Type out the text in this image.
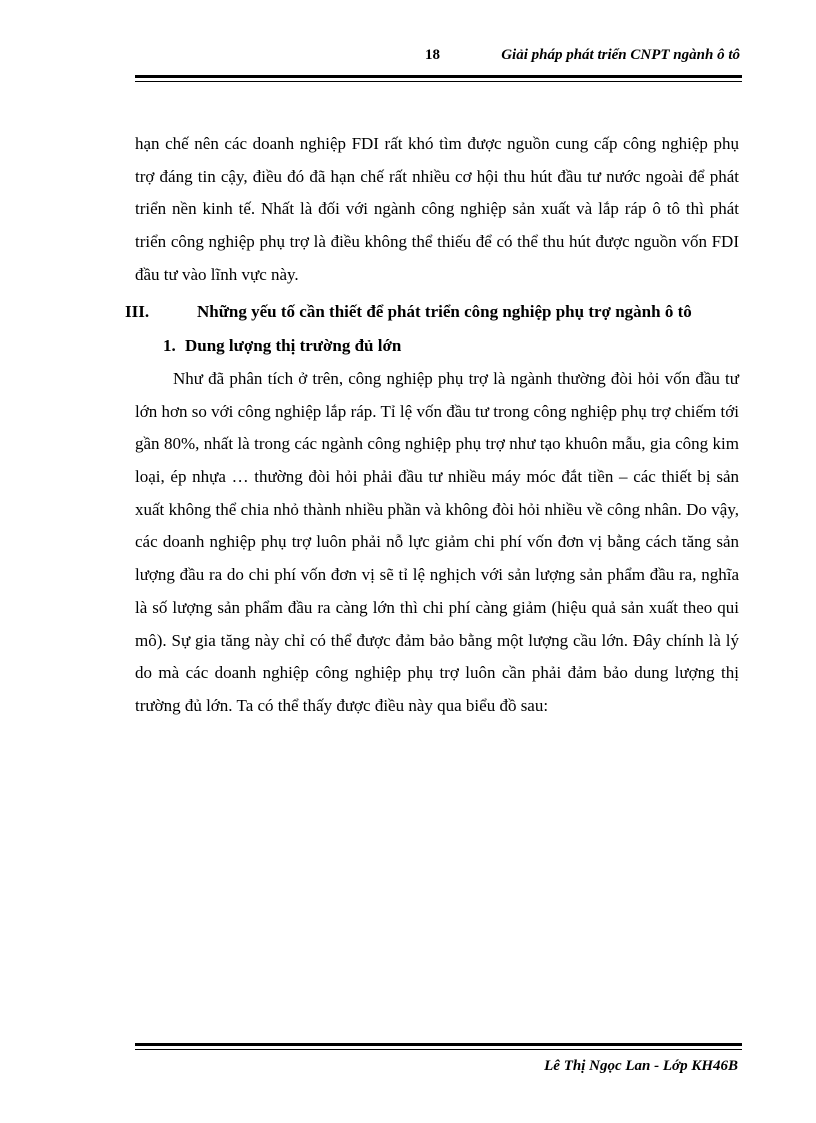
18	Giải pháp phát triển CNPT ngành ô tô

hạn chế nên các doanh nghiệp FDI rất khó tìm được nguồn cung cấp công nghiệp phụ trợ đáng tin cậy, điều đó đã hạn chế rất nhiều cơ hội thu hút đầu tư nước ngoài để phát triển nền kinh tế. Nhất là đối với ngành công nghiệp sản xuất và lắp ráp ô tô thì phát triển công nghiệp phụ trợ là điều không thể thiếu để có thể thu hút được nguồn vốn FDI đầu tư vào lĩnh vực này.

III.	Những yếu tố cần thiết để phát triển công nghiệp phụ trợ ngành ô tô

1. Dung lượng thị trường đủ lớn

Như đã phân tích ở trên, công nghiệp phụ trợ là ngành thường đòi hỏi vốn đầu tư lớn hơn so với công nghiệp lắp ráp. Tỉ lệ vốn đầu tư trong công nghiệp phụ trợ chiếm tới gần 80%, nhất là trong các ngành công nghiệp phụ trợ như tạo khuôn mẫu, gia công kim loại, ép nhựa … thường đòi hỏi phải đầu tư nhiều máy móc đắt tiền – các thiết bị sản xuất không thể chia nhỏ thành nhiều phần và không đòi hỏi nhiều về công nhân. Do vậy, các doanh nghiệp phụ trợ luôn phải nỗ lực giảm chi phí vốn đơn vị bằng cách tăng sản lượng đầu ra do chi phí vốn đơn vị sẽ tỉ lệ nghịch với sản lượng sản phẩm đầu ra, nghĩa là số lượng sản phẩm đầu ra càng lớn thì chi phí càng giảm (hiệu quả sản xuất theo qui mô). Sự gia tăng này chỉ có thể được đảm bảo bằng một lượng cầu lớn. Đây chính là lý do mà các doanh nghiệp công nghiệp phụ trợ luôn cần phải đảm bảo dung lượng thị trường đủ lớn. Ta có thể thấy được điều này qua biểu đồ sau:

Lê Thị Ngọc Lan - Lớp KH46B
